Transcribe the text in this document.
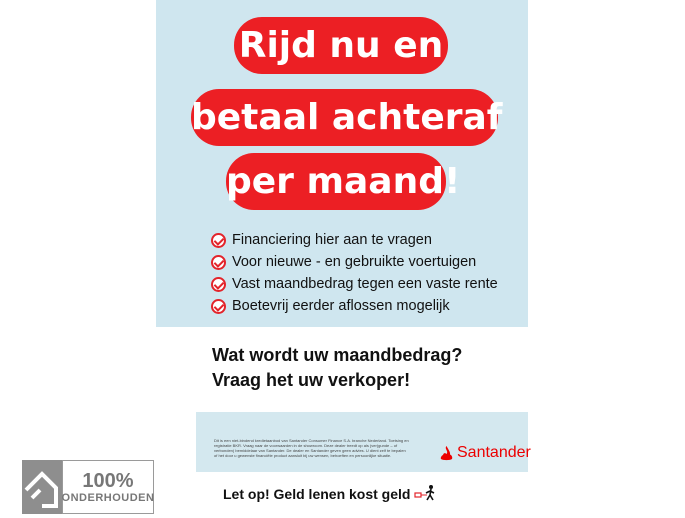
Rijd nu en
betaal achteraf
per maand!
Financiering hier aan te vragen
Voor nieuwe - en gebruikte voertuigen
Vast maandbedrag tegen een vaste rente
Boetevrij eerder aflossen mogelijk
Wat wordt uw maandbedrag?
Vraag het uw verkoper!
Dit is een niet-bindend kredietaanbod van Santander Consumer Finance S.A. branche Nederland. Toetsing en registratie BKR. Vraag naar de voorwaarden in de showroom. Deze dealer treedt op als (ver)gunde – of verbonden) bemiddelaar van Santander. De dealer en Santander geven geen advies. U dient zelf te bepalen of het door u gewenste financiële product aansluit bij uw wensen, behoeften en persoonlijke situatie.	Santander
Let op! Geld lenen kost geld
100%
ONDERHOUDEN
